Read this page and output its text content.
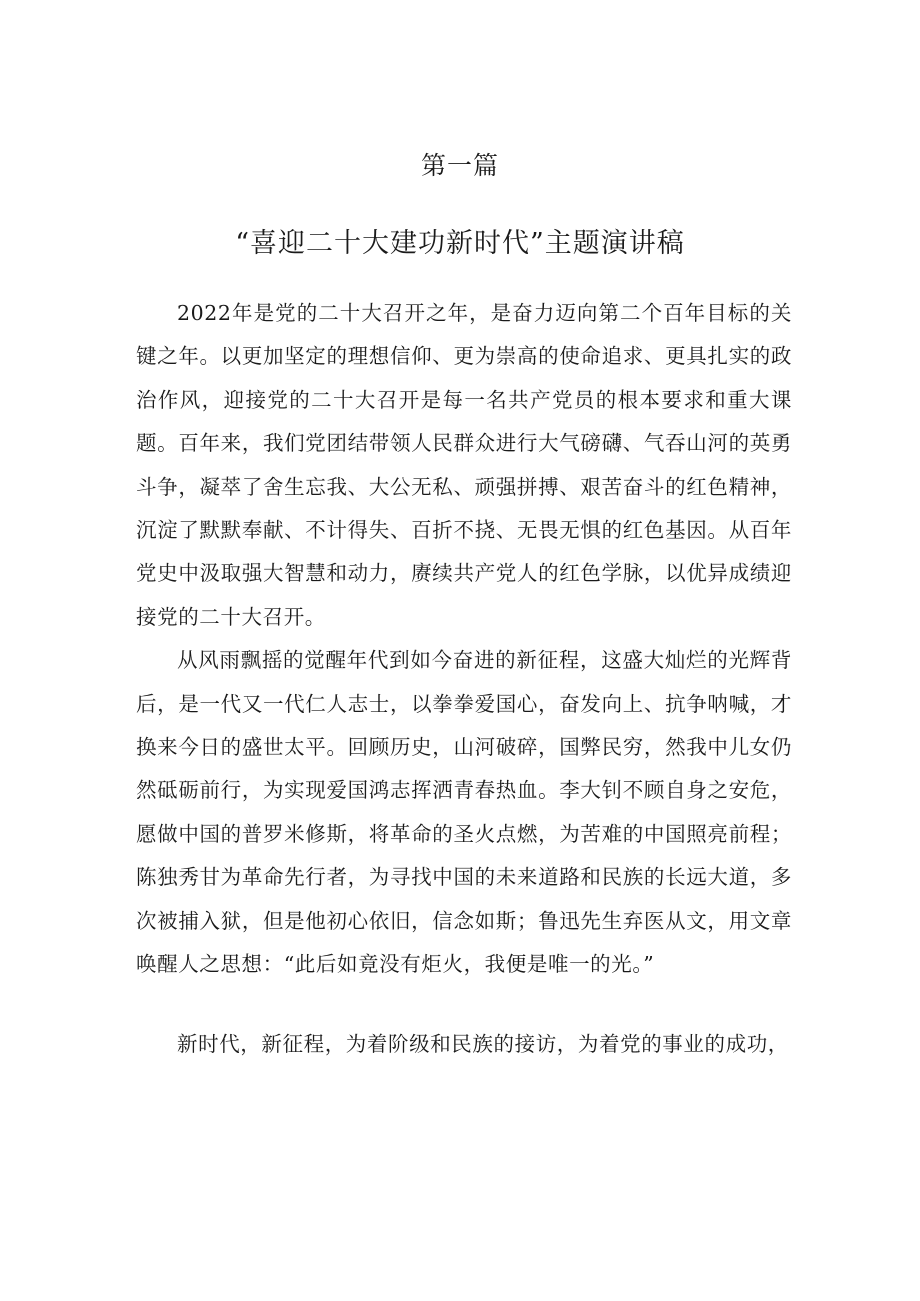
第一篇
“喜迎二十大建功新时代”主题演讲稿

2022年是党的二十大召开之年，是奋力迈向第二个百年目标的关键之年。以更加坚定的理想信仰、更为崇高的使命追求、更具扎实的政治作风，迎接党的二十大召开是每一名共产党员的根本要求和重大课题。百年来，我们党团结带领人民群众进行大气磅礴、气吞山河的英勇斗争，凝萃了舍生忘我、大公无私、顽强拼搏、艰苦奋斗的红色精神，沉淀了默默奉献、不计得失、百折不挠、无畏无惧的红色基因。从百年党史中汲取强大智慧和动力，赓续共产党人的红色学脉，以优异成绩迎接党的二十大召开。

从风雨飘摇的觉醒年代到如今奋进的新征程，这盛大灿烂的光辉背后，是一代又一代仁人志士，以拳拳爱国心，奋发向上、抗争呐喊，才换来今日的盛世太平。回顾历史，山河破碎，国弊民穷，然我中儿女仍然砥砺前行，为实现爱国鸿志挥洒青春热血。李大钊不顾自身之安危，愿做中国的普罗米修斯，将革命的圣火点燃，为苦难的中国照亮前程；陈独秀甘为革命先行者，为寻找中国的未来道路和民族的长远大道，多次被捕入狱，但是他初心依旧，信念如斯；鲁迅先生弃医从文，用文章唤醒人之思想：“此后如竟没有炬火，我便是唯一的光。”

新时代，新征程，为着阶级和民族的接访，为着党的事业的成功，
